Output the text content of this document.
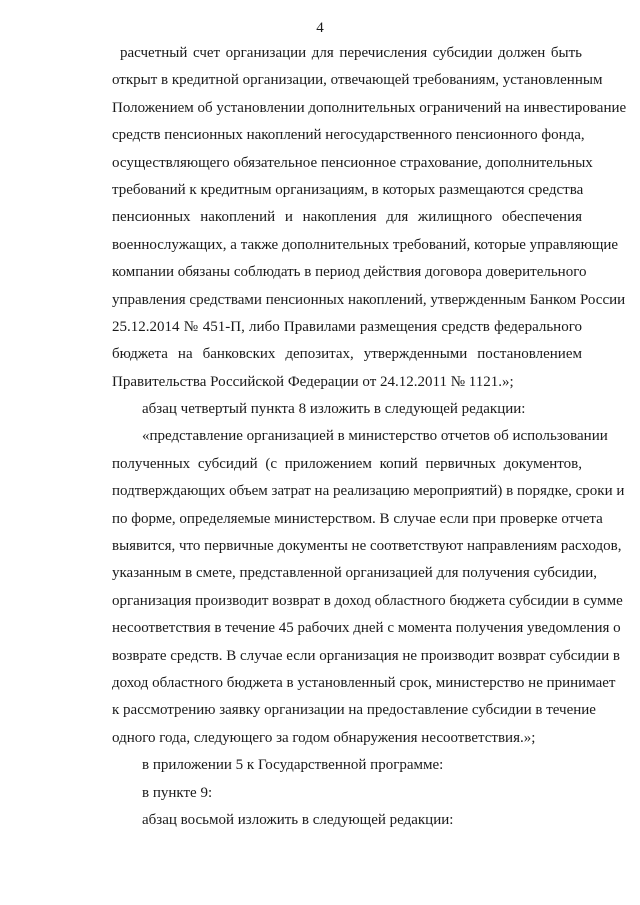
4
расчетный счет организации для перечисления субсидии должен быть
открыт в кредитной организации, отвечающей требованиям, установленным
Положением об установлении дополнительных ограничений на инвестирование
средств пенсионных накоплений негосударственного пенсионного фонда,
осуществляющего обязательное пенсионное страхование, дополнительных
требований к кредитным организациям, в которых размещаются средства
пенсионных накоплений и накопления для жилищного обеспечения
военнослужащих, а также дополнительных требований, которые управляющие
компании обязаны соблюдать в период действия договора доверительного
управления средствами пенсионных накоплений, утвержденным Банком России
25.12.2014 № 451-П, либо Правилами размещения средств федерального
бюджета на банковских депозитах, утвержденными постановлением
Правительства Российской Федерации от 24.12.2011 № 1121.»;
абзац четвертый пункта 8 изложить в следующей редакции:
«представление организацией в министерство отчетов об использовании
полученных субсидий (с приложением копий первичных документов,
подтверждающих объем затрат на реализацию мероприятий) в порядке, сроки и
по форме, определяемые министерством. В случае если при проверке отчета
выявится, что первичные документы не соответствуют направлениям расходов,
указанным в смете, представленной организацией для получения субсидии,
организация производит возврат в доход областного бюджета субсидии в сумме
несоответствия в течение 45 рабочих дней с момента получения уведомления о
возврате средств. В случае если организация не производит возврат субсидии в
доход областного бюджета в установленный срок, министерство не принимает
к рассмотрению заявку организации на предоставление субсидии в течение
одного года, следующего за годом обнаружения несоответствия.»;
в приложении 5 к Государственной программе:
в пункте 9:
абзац восьмой изложить в следующей редакции:
